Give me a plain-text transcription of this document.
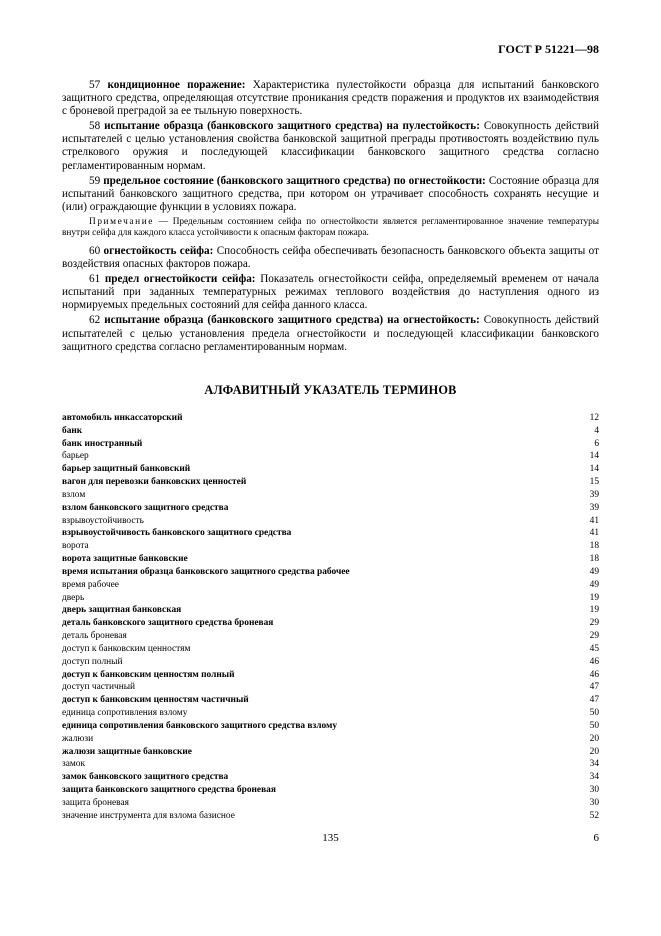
ГОСТ Р 51221—98

57 кондиционное поражение: Характеристика пулестойкости образца для испытаний банковского защитного средства, определяющая отсутствие проникания средств поражения и продуктов их взаимодействия с броневой преградой за ее тыльную поверхность.

58 испытание образца (банковского защитного средства) на пулестойкость: Совокупность действий испытателей с целью установления свойства банковской защитной преграды противостоять воздействию пуль стрелкового оружия и последующей классификации банковского защитного средства согласно регламентированным нормам.

59 предельное состояние (банковского защитного средства) по огнестойкости: Состояние образца для испытаний банковского защитного средства, при котором он утрачивает способность сохранять несущие и (или) ограждающие функции в условиях пожара.

Примечание — Предельным состоянием сейфа по огнестойкости является регламентированное значение температуры внутри сейфа для каждого класса устойчивости к опасным факторам пожара.

60 огнестойкость сейфа: Способность сейфа обеспечивать безопасность банковского объекта защиты от воздействия опасных факторов пожара.

61 предел огнестойкости сейфа: Показатель огнестойкости сейфа, определяемый временем от начала испытаний при заданных температурных режимах теплового воздействия до наступления одного из нормируемых предельных состояний для сейфа данного класса.

62 испытание образца (банковского защитного средства) на огнестойкость: Совокупность действий испытателей с целью установления предела огнестойкости и последующей классификации банковского защитного средства согласно регламентированным нормам.

АЛФАВИТНЫЙ УКАЗАТЕЛЬ ТЕРМИНОВ
автомобиль инкассаторский	12
банк	4
банк иностранный	6
барьер	14
барьер защитный банковский	14
вагон для перевозки банковских ценностей	15
взлом	39
взлом банковского защитного средства	39
взрывоустойчивость	41
взрывоустойчивость банковского защитного средства	41
ворота	18
ворота защитные банковские	18
время испытания образца банковского защитного средства рабочее	49
время рабочее	49
дверь	19
дверь защитная банковская	19
деталь банковского защитного средства броневая	29
деталь броневая	29
доступ к банковским ценностям	45
доступ полный	46
доступ к банковским ценностям полный	46
доступ частичный	47
доступ к банковским ценностям частичный	47
единица сопротивления взлому	50
единица сопротивления банковского защитного средства взлому	50
жалюзи	20
жалюзи защитные банковские	20
замок	34
замок банковского защитного средства	34
защита банковского защитного средства броневая	30
защита броневая	30
значение инструмента для взлома базисное	52
135	6
